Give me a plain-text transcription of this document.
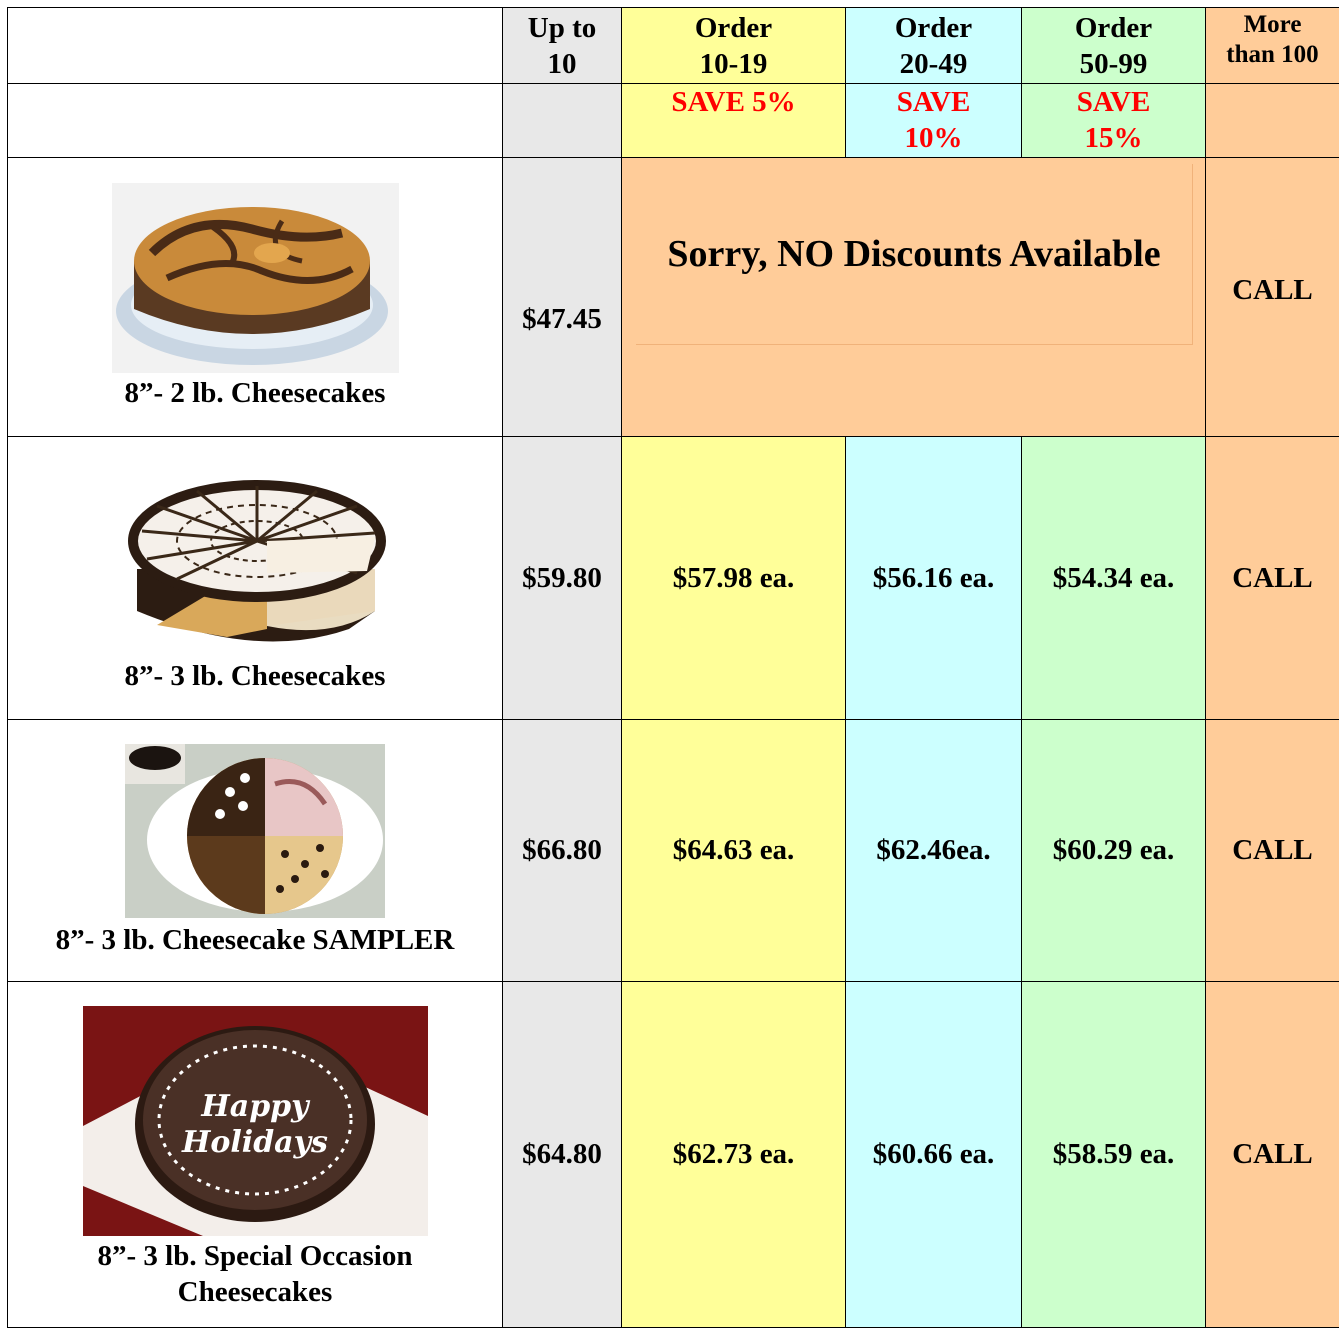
	Up to 10	Order 10-19	Order 20-49	Order 50-99	More than 100
		SAVE 5%	SAVE 10%	SAVE 15%	

8”- 2 lb. Cheesecakes	$47.45	Sorry, NO Discounts Available			CALL

8”- 3 lb. Cheesecakes	$59.80	$57.98 ea.	$56.16 ea.	$54.34 ea.	CALL

8”- 3 lb. Cheesecake SAMPLER	$66.80	$64.63 ea.	$62.46ea.	$60.29 ea.	CALL

Happy
Holidays
8”- 3 lb. Special Occasion Cheesecakes	$64.80	$62.73 ea.	$60.66 ea.	$58.59 ea.	CALL
